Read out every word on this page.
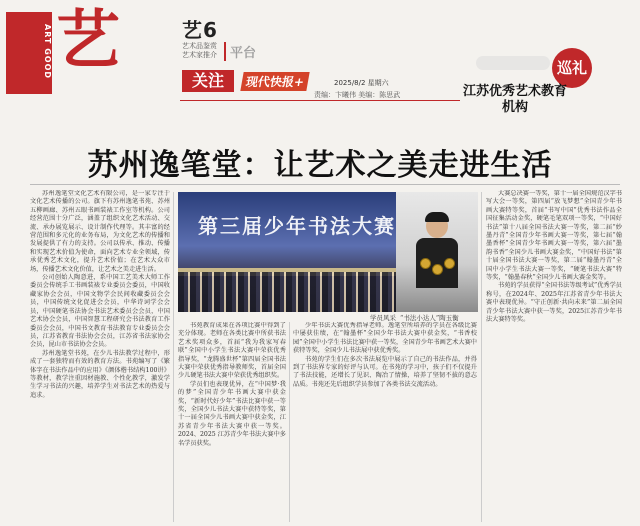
ART GOOD 艺	艺6
艺术品鉴赏 艺术家推介	平台
关注	现代快报+	2025/8/2 星期六
责编：卞曦伟 美编：陈思武
巡礼
江苏优秀艺术教育机构
苏州逸笔堂：让艺术之美走进生活

苏州逸笔堂文化艺术有限公司，是一家专注于文化艺术传播的公司。旗下有苏州逸笔书苑、苏州五柳画廊、苏州五眼书画装裱工作室等机构。公司经营范围十分广泛，涵盖了组织文化艺术活动、交流、承办展览展示、设计制作代理等。其丰富的经营范围和多元化的业务布局，为文化艺术的传播和发展提供了有力的支持。公司以传承、推动、传播和实现艺术价值为使命，面向艺术专业全领域，传承优秀艺术文化，提升艺术价值；在艺术大众市场，传播艺术文化价值，让艺术之美走进生活。

公司创始人陶意进，系中国工艺美术大师工作委员会传统手工书画装裱专业委员会委员，中国收藏家协会会员，中国文物学会民间收藏委员会会员，中国传统文化促进会会员，中华诗词学会会员，中国硬笔书法协会书法艺术委员会会员，中国艺术协会会员，中国智慧工程研究会书法教育工作委员会会员，中国书文教育书法教育专业委员会会员，江苏省教育书法协会会员，江苏省书法家协会会员，昆山市书法协会会员。

苏州逸笔堂书苑，在少儿书法教学过程中，形成了一套独特而有效的教育方法。书苑编写了《繁体字在书法作品中的应用》《颜体楷书结构100讲》等教材，教学注重因材施教、个性化教学，激发学生学习书法的兴趣，培养学生对书法艺术的热爱与追求。

第三届少年书法大赛
学员风采 “书法小达人”陶玉衡

书苑教育成果在各项比赛中得到了充分体现。老师在各类比赛中所获书法艺术奖项众多，首届“我为我家写春联”全国中小学生书法大赛中荣获优秀指导奖，“龙腾盛世杯”第四届全国书法大赛中荣获优秀指导教师奖，首届全国少儿硬笔书法大赛中荣获优秀组织奖。

学员们也表现优异，在“中国梦·我的梦”全国青少年书画大赛中获金奖，“新时代好少年”书法比赛中获一等奖，全国少儿书法大赛中获特等奖，第十一届全国少儿书画大赛中获金奖，江苏省青少年书法大赛中获一等奖。2024、2025 江苏青少年书法大赛中多名学员获奖。

少年书法大赛优秀指导老师。逸笔堂所培养的学员在各级比赛中屡获佳绩，在“翰墨杯”全国少年书法大赛中获金奖，“书香校园”全国中小学生书法比赛中获一等奖，全国青少年书画艺术大赛中获特等奖，全国少儿书法展中获优秀奖。

书苑的学生们在多次书法展览中展示了自己的书法作品，并得到了书法界专家的好评与认可。在书苑的学习中，孩子们不仅提升了书法技能，还增长了见识、陶冶了情操，培养了坚韧不拔的意志品质。书苑还先后组织学员参加了各类书法交流活动。

大赛总决赛一等奖，第十一届全国规范汉字书写大会一等奖，第四届“放飞梦想”全国青少年书画大赛特等奖，首届“书写中国”优秀书法作品全国征集活动金奖，硬笔毛笔双项一等奖，“中国好书法”第十八届全国书法大赛一等奖，第二届“妙墨丹青”全国青少年书画大赛一等奖，第七届“翰墨香杯”全国青少年书画大赛一等奖，第六届“墨韵书香”全国少儿书画大赛金奖，“中国好书法”第十届全国书法大赛一等奖，第二届“翰墨丹青”全国中小学生书法大赛一等奖，“硬笔书法大赛”特等奖，“翰墨春秋”全国少儿书画大赛金奖等。

书苑的学员获得“全国书法等级考试”优秀学员称号，在2024年、2025年江苏省青少年书法大赛中表现优异。“守正创新·共向未来”第二届全国青少年书法大赛中获一等奖，2025江苏青少年书法大赛特等奖。
